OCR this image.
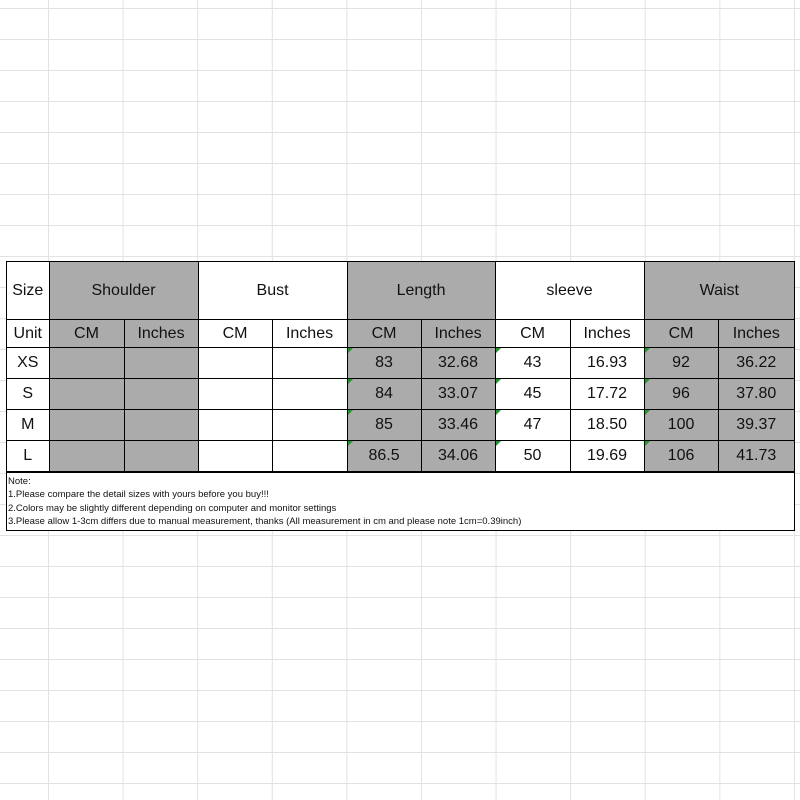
Size	Shoulder		Bust		Length		sleeve		Waist	
Unit	CM	Inches	CM	Inches	CM	Inches	CM	Inches	CM	Inches
XS					83	32.68	43	16.93	92	36.22
S					84	33.07	45	17.72	96	37.80
M					85	33.46	47	18.50	100	39.37
L					86.5	34.06	50	19.69	106	41.73
Note:
1.Please compare the detail sizes with yours before you buy!!!
2.Colors may be slightly different depending on computer and monitor settings
3.Please allow 1-3cm differs due to manual measurement, thanks (All measurement in cm and please note 1cm=0.39inch)
